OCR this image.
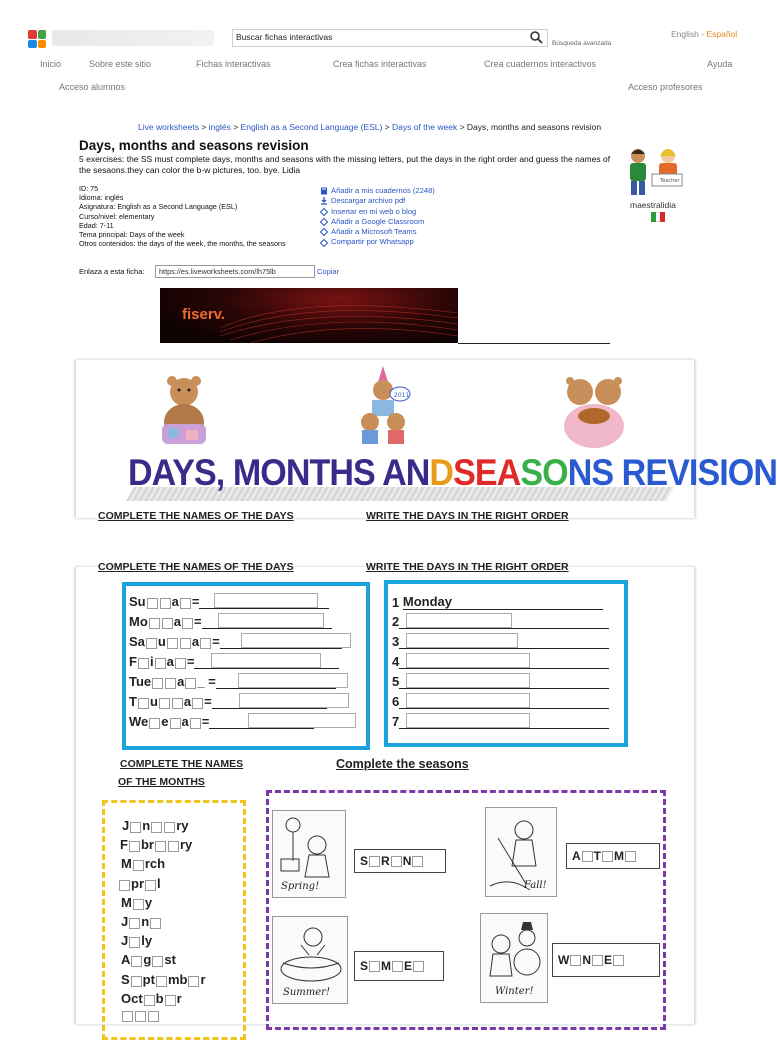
Buscar fichas interactivas
Búsqueda avanzada
English - Español
Inicio	Sobre este sitio	Fichas interactivas	Crea fichas interactivas	Crea cuadernos interactivos	Ayuda
Acceso alumnos	Acceso profesores
Live worksheets > inglés > English as a Second Language (ESL) > Days of the week > Days, months and seasons revision
Days, months and seasons revision
5 exercises: the SS must complete days, months and seasons with the missing letters, put the days in the right order and guess the names of the sesaons.they can color the b-w pictures, too. bye. Lidia
ID: 75
Idioma: inglés
Asignatura: English as a Second Language (ESL)
Curso/nivel: elementary
Edad: 7-11
Tema principal: Days of the week
Otros contenidos: the days of the week, the months, the seasons
Añadir a mis cuadernos (2248)
Descargar archivo pdf
Insertar en mi web o blog
Añadir a Google Classroom
Añadir a Microsoft Teams
Compartir por Whatsapp
Enlaza a esta ficha:	https://es.liveworksheets.com/lh75lb	Copiar
Teacher
maestralidia
fiserv.
2011
DAYS, MONTHS ANDSEASONS REVISION
COMPLETE THE NAMES OF THE DAYS	WRITE THE DAYS IN THE RIGHT ORDER
COMPLETE THE NAMES OF THE DAYS	WRITE THE DAYS IN THE RIGHT ORDER
Su a =
Mo a =
Sa u a =
F i a =
Tue a _ =
T u a =
We e a =
1
Monday
2
3
4
5
6
7
COMPLETE THE NAMES
OF THE MONTHS
Complete the seasons
J n ry
F br ry
M rch
pr l
M y
J n
J ly
A g st
S pt mb r
Oct b r
Spring!
S R N
Fall!
A T M
Summer!
S M E
Winter!
W N E
